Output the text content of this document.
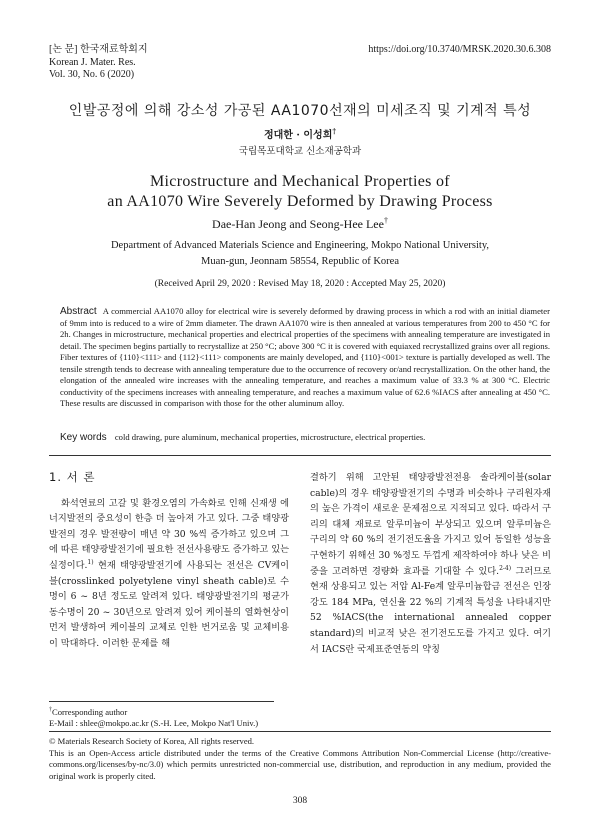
[논 문] 한국재료학회지
Korean J. Mater. Res.
Vol. 30, No. 6 (2020)
https://doi.org/10.3740/MRSK.2020.30.6.308
인발공정에 의해 강소성 가공된 AA1070선재의 미세조직 및 기계적 특성
정대한 · 이성희†
국립목포대학교 신소재공학과
Microstructure and Mechanical Properties of
an AA1070 Wire Severely Deformed by Drawing Process
Dae-Han Jeong and Seong-Hee Lee†
Department of Advanced Materials Science and Engineering, Mokpo National University,
Muan-gun, Jeonnam 58554, Republic of Korea
(Received April 29, 2020 : Revised May 18, 2020 : Accepted May 25, 2020)
Abstract A commercial AA1070 alloy for electrical wire is severely deformed by drawing process in which a rod with an initial diameter of 9mm into is reduced to a wire of 2mm diameter. The drawn AA1070 wire is then annealed at various temperatures from 200 to 450 °C for 2h. Changes in microstructure, mechanical properties and electrical properties of the specimens with annealing temperature are investigated in detail. The specimen begins partially to recrystallize at 250 °C; above 300 °C it is covered with equiaxed recrystallized grains over all regions. Fiber textures of {110}<111> and {112}<111> components are mainly developed, and {110}<001> texture is partially developed as well. The tensile strength tends to decrease with annealing temperature due to the occurrence of recovery or/and recrystallization. On the other hand, the elongation of the annealed wire increases with the annealing temperature, and reaches a maximum value of 33.3 % at 300 °C. Electric conductivity of the specimens increases with annealing temperature, and reaches a maximum value of 62.6 %IACS after annealing at 450 °C. These results are discussed in comparison with those for the other aluminum alloy.
Key words cold drawing, pure aluminum, mechanical properties, microstructure, electrical properties.
1. 서 론

화석연료의 고갈 및 환경오염의 가속화로 인해 신재생 에너지발전의 중요성이 한층 더 높아져 가고 있다. 그중 태양광 발전의 경우 발전량이 매년 약 30 %씩 증가하고 있으며 그에 따른 태양광발전기에 필요한 전선사용량도 증가하고 있는 실정이다.$^{1)}$ 현재 태양광발전기에 사용되는 전선은 CV케이블(crosslinked polyetylene vinyl sheath cable)로 수명이 6 ~ 8년 정도로 알려져 있다. 태양광발전기의 평균가동수명이 20 ~ 30년으로 알려져 있어 케이블의 열화현상이 먼저 발생하여 케이블의 교체로 인한 번거로움 및 교체비용이 막대하다. 이러한 문제를 해

결하기 위해 고안된 태양광발전전용 솔라케이블(solar cable)의 경우 태양광발전기의 수명과 비슷하나 구리원자재의 높은 가격이 새로운 문제점으로 지적되고 있다. 따라서 구리의 대체 재료로 알루미늄이 부상되고 있으며 알루미늄은 구리의 약 60 %의 전기전도율을 가지고 있어 동일한 성능을 구현하기 위해선 30 %정도 두껍게 제작하여야 하나 낮은 비중을 고려하면 경량화 효과를 기대할 수 있다.$^{2-4)}$ 그러므로 현재 상용되고 있는 저압 Al-Fe계 알루미늄합금 전선은 인장강도 184 MPa, 연신율 22 %의 기계적 특성을 나타내지만 52 %IACS(the international annealed copper standard)의 비교적 낮은 전기전도도를 가지고 있다. 여기서 IACS란 국제표준연동의 약칭

†Corresponding author
E-Mail : shlee@mokpo.ac.kr (S.-H. Lee, Mokpo Nat'l Univ.)
© Materials Research Society of Korea, All rights reserved.
This is an Open-Access article distributed under the terms of the Creative Commons Attribution Non-Commercial License (http://creative-commons.org/licenses/by-nc/3.0) which permits unrestricted non-commercial use, distribution, and reproduction in any medium, provided the original work is properly cited.
308
